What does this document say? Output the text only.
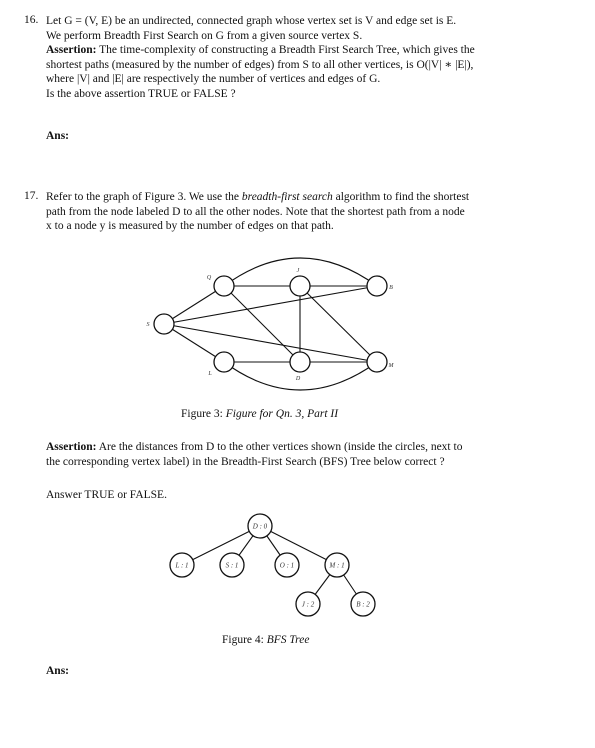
16. Let G = (V, E) be an undirected, connected graph whose vertex set is V and edge set is E.

We perform Breadth First Search on G from a given source vertex S.

Assertion: The time-complexity of constructing a Breadth First Search Tree, which gives the

shortest paths (measured by the number of edges) from S to all other vertices, is O(|V| ∗ |E|),

where |V| and |E| are respectively the number of vertices and edges of G.

Is the above assertion TRUE or FALSE ?

Ans:
17. Refer to the graph of Figure 3. We use the breadth-first search algorithm to find the shortest

path from the node labeled D to all the other nodes. Note that the shortest path from a node

x to a node y is measured by the number of edges on that path.

Q
J
B
S
L
D
M
D : 0
L : 1	S : 1	O : 1	M : 1
J : 2	B : 2
Figure 3: Figure for Qn. 3, Part II

Assertion: Are the distances from D to the other vertices shown (inside the circles, next to

the corresponding vertex label) in the Breadth-First Search (BFS) Tree below correct ?

Answer TRUE or FALSE.
Figure 4: BFS Tree
Ans:
